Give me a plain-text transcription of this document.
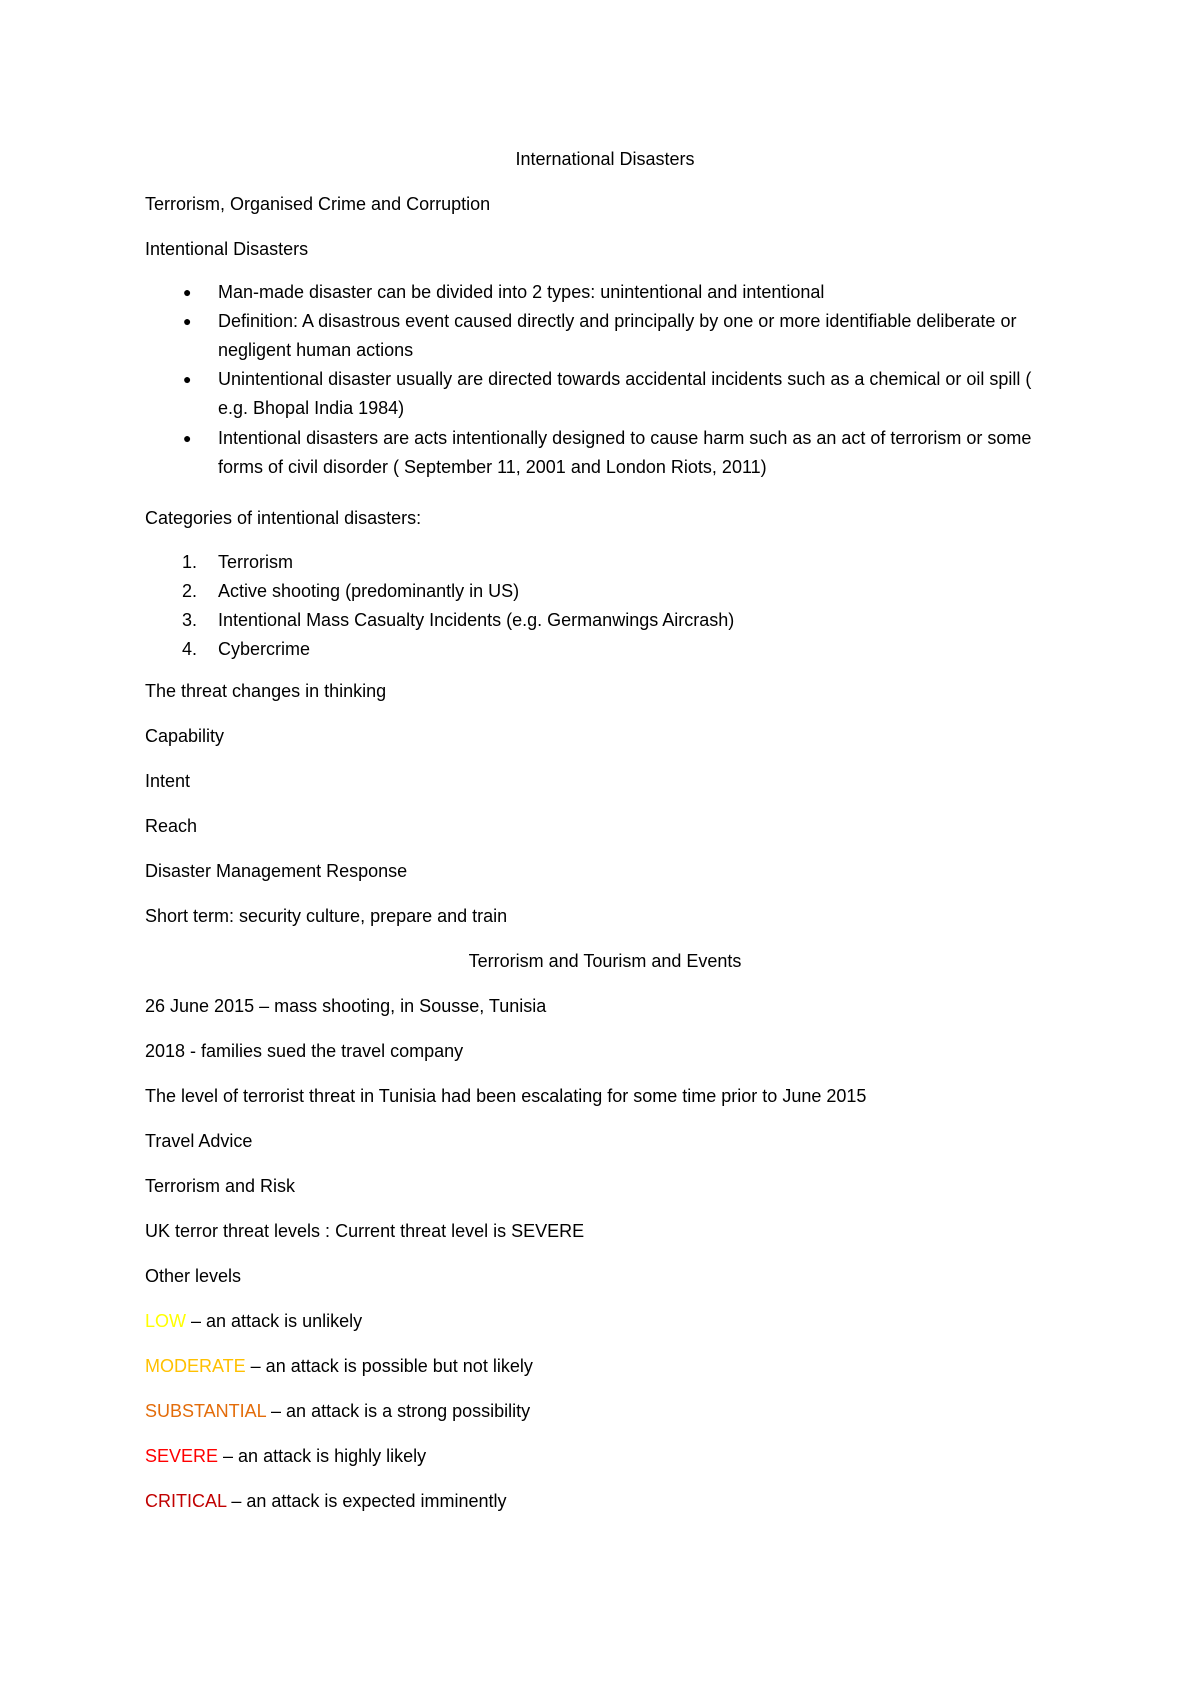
International Disasters
Terrorism, Organised Crime and Corruption
Intentional Disasters
● Man-made disaster can be divided into 2 types: unintentional and intentional
● Definition: A disastrous event caused directly and principally by one or more identifiable deliberate or negligent human actions
● Unintentional disaster usually are directed towards accidental incidents such as a chemical or oil spill ( e.g. Bhopal India 1984)
● Intentional disasters are acts intentionally designed to cause harm such as an act of terrorism or some forms of civil disorder ( September 11, 2001 and London Riots, 2011)
Categories of intentional disasters:
1. Terrorism
2. Active shooting (predominantly in US)
3. Intentional Mass Casualty Incidents (e.g. Germanwings Aircrash)
4. Cybercrime
The threat changes in thinking
Capability
Intent
Reach
Disaster Management Response
Short term: security culture, prepare and train
Terrorism and Tourism and Events
26 June 2015 – mass shooting, in Sousse, Tunisia
2018 - families sued the travel company
The level of terrorist threat in Tunisia had been escalating for some time prior to June 2015
Travel Advice
Terrorism and Risk
UK terror threat levels : Current threat level is SEVERE
Other levels
LOW – an attack is unlikely
MODERATE – an attack is possible but not likely
SUBSTANTIAL – an attack is a strong possibility
SEVERE – an attack is highly likely
CRITICAL – an attack is expected imminently
